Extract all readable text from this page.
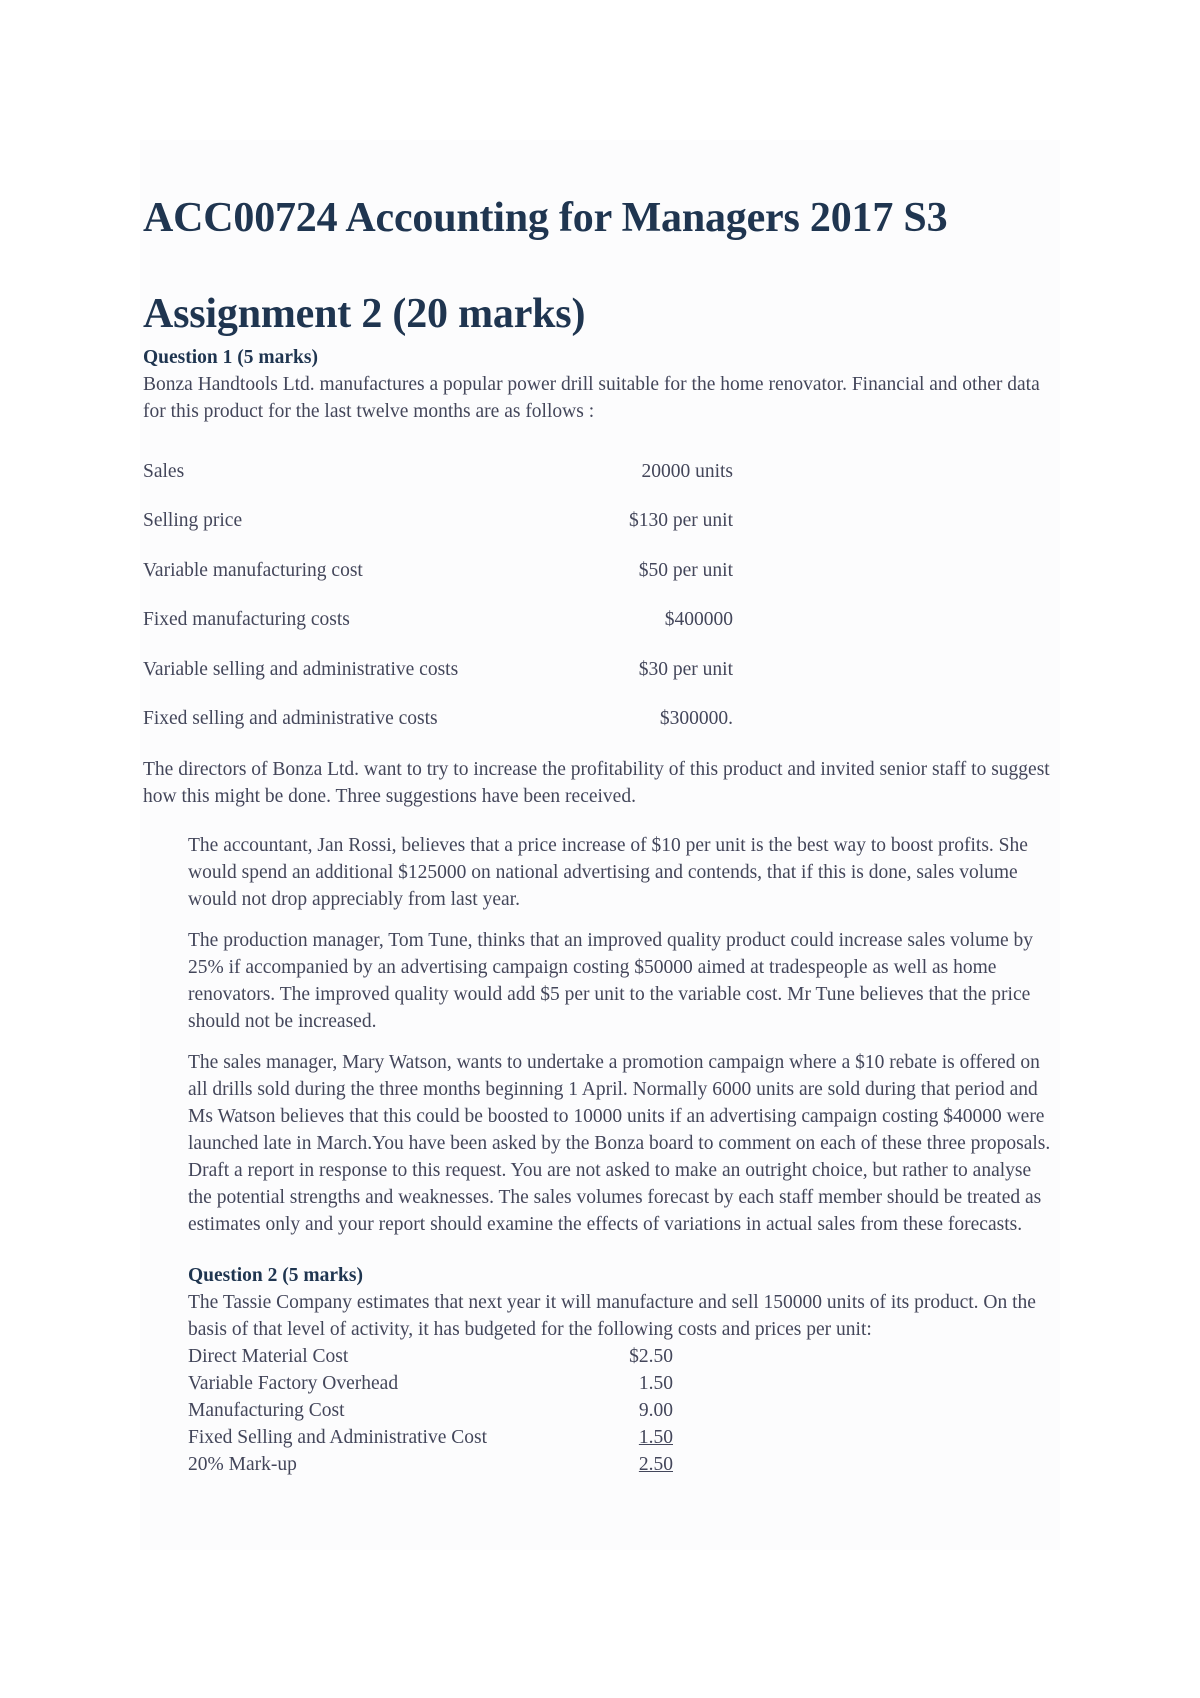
ACC00724 Accounting for Managers 2017 S3
Assignment 2 (20 marks)
Question 1 (5 marks)

Bonza Handtools Ltd. manufactures a popular power drill suitable for the home renovator. Financial and other data for this product for the last twelve months are as follows :

Sales	20000 units
Selling price	$130 per unit
Variable manufacturing cost	$50 per unit
Fixed manufacturing costs	$400000
Variable selling and administrative costs	$30 per unit
Fixed selling and administrative costs	$300000.

The directors of Bonza Ltd. want to try to increase the profitability of this product and invited senior staff to suggest how this might be done. Three suggestions have been received.

The accountant, Jan Rossi, believes that a price increase of $10 per unit is the best way to boost profits. She would spend an additional $125000 on national advertising and contends, that if this is done, sales volume would not drop appreciably from last year.

The production manager, Tom Tune, thinks that an improved quality product could increase sales volume by 25% if accompanied by an advertising campaign costing $50000 aimed at tradespeople as well as home renovators. The improved quality would add $5 per unit to the variable cost. Mr Tune believes that the price should not be increased.

The sales manager, Mary Watson, wants to undertake a promotion campaign where a $10 rebate is offered on all drills sold during the three months beginning 1 April. Normally 6000 units are sold during that period and Ms Watson believes that this could be boosted to 10000 units if an advertising campaign costing $40000 were launched late in March.You have been asked by the Bonza board to comment on each of these three proposals. Draft a report in response to this request. You are not asked to make an outright choice, but rather to analyse the potential strengths and weaknesses. The sales volumes forecast by each staff member should be treated as estimates only and your report should examine the effects of variations in actual sales from these forecasts.

Question 2 (5 marks)

The Tassie Company estimates that next year it will manufacture and sell 150000 units of its product. On the basis of that level of activity, it has budgeted for the following costs and prices per unit:

Direct Material Cost	$2.50
Variable Factory Overhead	1.50
Manufacturing Cost	9.00
Fixed Selling and Administrative Cost	1.50
20% Mark-up	2.50
